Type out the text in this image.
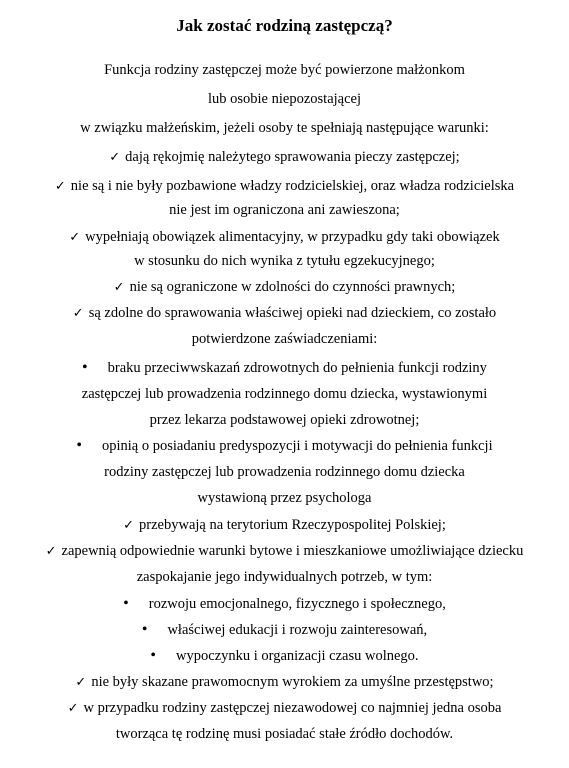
Jak zostać rodziną zastępczą?
Funkcja rodziny zastępczej może być powierzone małżonkom
lub osobie niepozostającej
w związku małżeńskim, jeżeli osoby te spełniają następujące warunki:
✓ dają rękojmię należytego sprawowania pieczy zastępczej;
✓ nie są i nie były pozbawione władzy rodzicielskiej, oraz władza rodzicielska
nie jest im ograniczona ani zawieszona;
✓ wypełniają obowiązek alimentacyjny, w przypadku gdy taki obowiązek
w stosunku do nich wynika z tytułu egzekucyjnego;
✓ nie są ograniczone w zdolności do czynności prawnych;
✓ są zdolne do sprawowania właściwej opieki nad dzieckiem, co zostało
potwierdzone zaświadczeniami:
• braku przeciwwskazań zdrowotnych do pełnienia funkcji rodziny
zastępczej lub prowadzenia rodzinnego domu dziecka, wystawionymi
przez lekarza podstawowej opieki zdrowotnej;
• opinią o posiadaniu predyspozycji i motywacji do pełnienia funkcji
rodziny zastępczej lub prowadzenia rodzinnego domu dziecka
wystawioną przez psychologa
✓ przebywają na terytorium Rzeczypospolitej Polskiej;
✓ zapewnią odpowiednie warunki bytowe i mieszkaniowe umożliwiające dziecku
zaspokajanie jego indywidualnych potrzeb, w tym:
• rozwoju emocjonalnego, fizycznego i społecznego,
• właściwej edukacji i rozwoju zainteresowań,
• wypoczynku i organizacji czasu wolnego.
✓ nie były skazane prawomocnym wyrokiem za umyślne przestępstwo;
✓ w przypadku rodziny zastępczej niezawodowej co najmniej jedna osoba
tworząca tę rodzinę musi posiadać stałe źródło dochodów.
